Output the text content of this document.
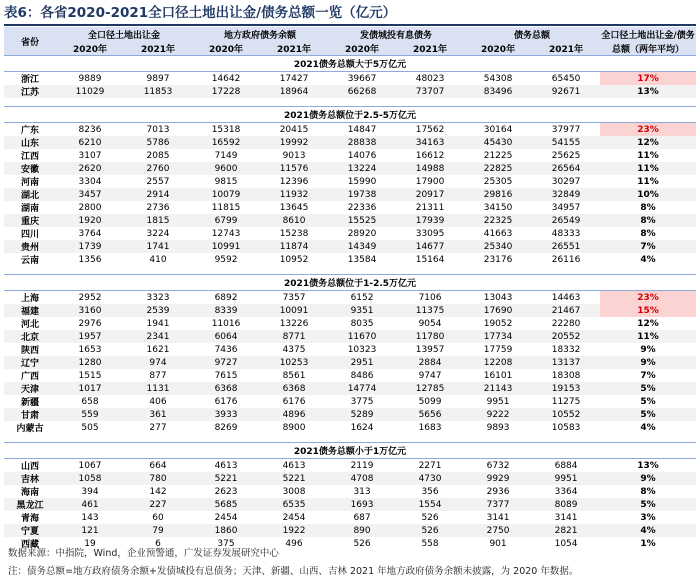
表6：各省2020-2021全口径土地出让金/债务总额一览（亿元）
省份	全口径土地出让金		地方政府债务余额		发债城投有息债务		债务总额		全口径土地出让金/债务
	2020年	2021年	2020年	2021年	2020年	2021年	2020年	2021年	总额（两年平均）
2021债务总额大于5万亿元									
浙江	9889	9897	14642	17427	39667	48023	54308	65450	17%
江苏	11029	11853	17228	18964	66268	73707	83496	92671	13%

2021债务总额位于2.5-5万亿元									
广东	8236	7013	15318	20415	14847	17562	30164	37977	23%
山东	6210	5786	16592	19992	28838	34163	45430	54155	12%
江西	3107	2085	7149	9013	14076	16612	21225	25625	11%
安徽	2620	2760	9600	11576	13224	14988	22825	26564	11%
河南	3304	2557	9815	12396	15990	17900	25305	30297	11%
湖北	3457	2914	10079	11932	19738	20917	29816	32849	10%
湖南	2800	2736	11815	13645	22336	21311	34150	34957	8%
重庆	1920	1815	6799	8610	15525	17939	22325	26549	8%
四川	3764	3224	12743	15238	28920	33095	41663	48333	8%
贵州	1739	1741	10991	11874	14349	14677	25340	26551	7%
云南	1356	410	9592	10952	13584	15164	23176	26116	4%

2021债务总额位于1-2.5万亿元									
上海	2952	3323	6892	7357	6152	7106	13043	14463	23%
福建	3160	2539	8339	10091	9351	11375	17690	21467	15%
河北	2976	1941	11016	13226	8035	9054	19052	22280	12%
北京	1957	2341	6064	8771	11670	11780	17734	20552	11%
陕西	1653	1621	7436	4375	10323	13957	17759	18332	9%
辽宁	1280	974	9727	10253	2951	2884	12208	13137	9%
广西	1515	877	7615	8561	8486	9747	16101	18308	7%
天津	1017	1131	6368	6368	14774	12785	21143	19153	5%
新疆	658	406	6176	6176	3775	5099	9951	11275	5%
甘肃	559	361	3933	4896	5289	5656	9222	10552	5%
内蒙古	505	277	8269	8900	1624	1683	9893	10583	4%

2021债务总额小于1万亿元									
山西	1067	664	4613	4613	2119	2271	6732	6884	13%
吉林	1058	780	5221	5221	4708	4730	9929	9951	9%
海南	394	142	2623	3008	313	356	2936	3364	8%
黑龙江	461	227	5685	6535	1693	1554	7377	8089	5%
青海	143	60	2454	2454	687	526	3141	3141	3%
宁夏	121	79	1860	1922	890	526	2750	2821	4%
西藏	19	6	375	496	526	558	901	1054	1%
数据来源：中指院，Wind，企业预警通，广发证券发展研究中心
注：债务总额=地方政府债务余额+发债城投有息债务；天津、新疆、山西、吉林 2021 年地方政府债务余额未披露，为 2020 年数据。
